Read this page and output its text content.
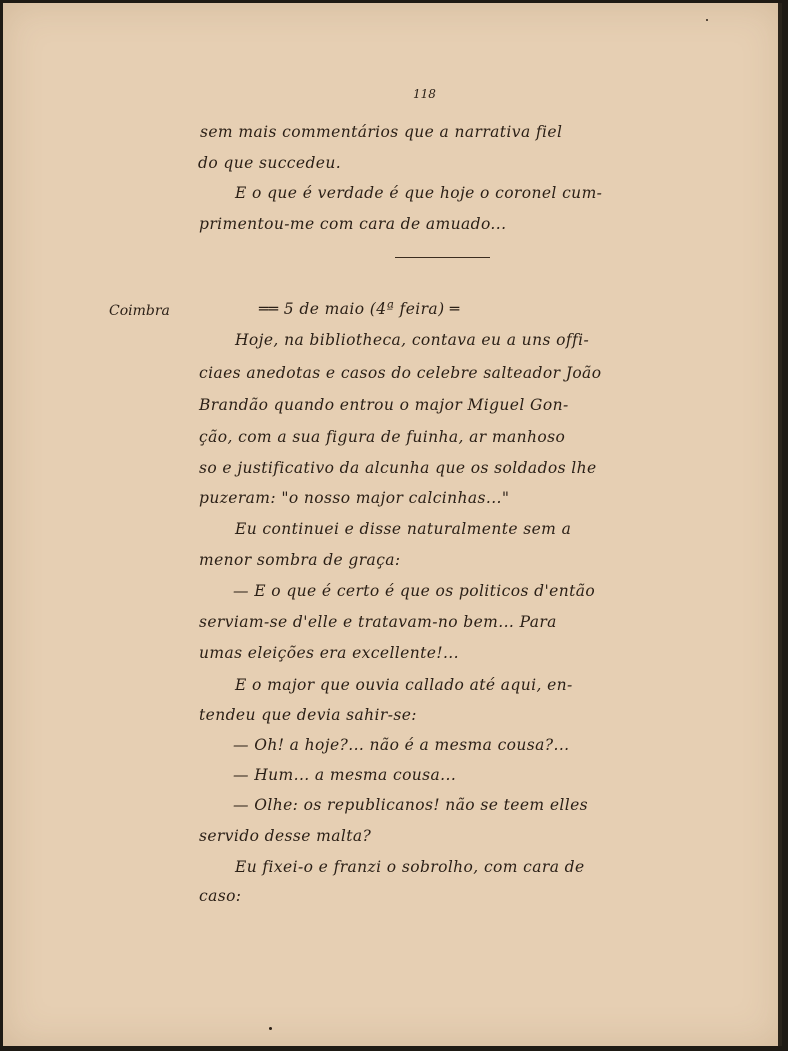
118
Coimbra
sem mais commentários que a narrativa fiel
do que succedeu.
E o que é verdade é que hoje o coronel cum-
primentou-me com cara de amuado...
══ 5 de maio (4ª feira) ═
Hoje, na bibliotheca, contava eu a uns offi-
ciaes anedotas e casos do celebre salteador João
Brandão quando entrou o major Miguel Gon-
ção, com a sua figura de fuinha, ar manhoso
so e justificativo da alcunha que os soldados lhe
puzeram: "o nosso major calcinhas..."
Eu continuei e disse naturalmente sem a
menor sombra de graça:
— E o que é certo é que os politicos d'então
serviam-se d'elle e tratavam-no bem... Para
umas eleições era excellente!...
E o major que ouvia callado até aqui, en-
tendeu que devia sahir-se:
— Oh! a hoje?... não é a mesma cousa?...
— Hum... a mesma cousa...
— Olhe: os republicanos! não se teem elles
servido desse malta?
Eu fixei-o e franzi o sobrolho, com cara de
caso:
